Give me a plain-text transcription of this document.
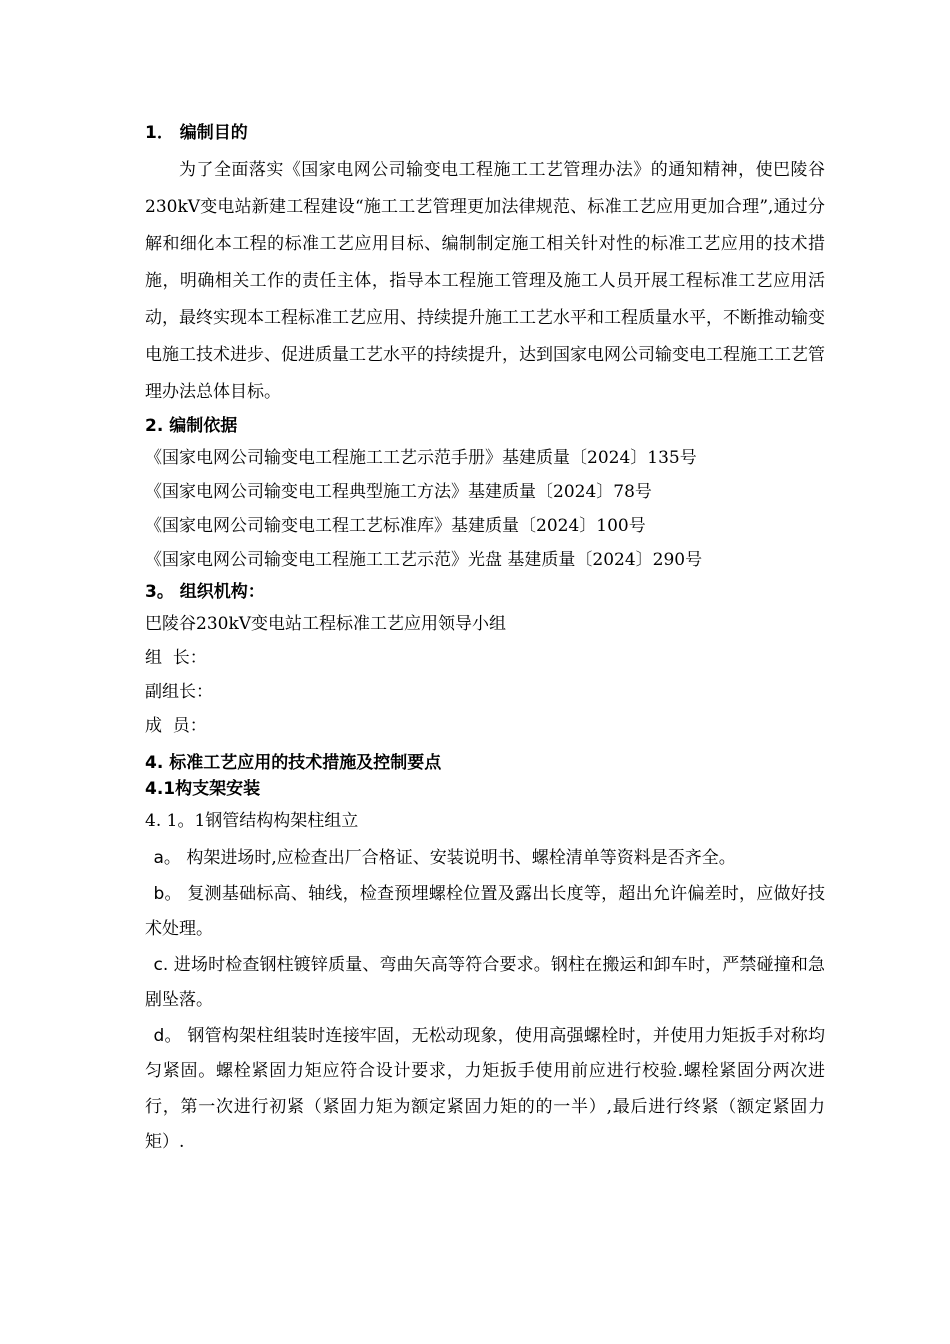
1． 编制目的

为了全面落实《国家电网公司输变电工程施工工艺管理办法》的通知精神，使巴陵谷230kV变电站新建工程建设“施工工艺管理更加法律规范、标准工艺应用更加合理”,通过分解和细化本工程的标准工艺应用目标、编制制定施工相关针对性的标准工艺应用的技术措施，明确相关工作的责任主体，指导本工程施工管理及施工人员开展工程标准工艺应用活动，最终实现本工程标准工艺应用、持续提升施工工艺水平和工程质量水平，不断推动输变电施工技术进步、促进质量工艺水平的持续提升，达到国家电网公司输变电工程施工工艺管理办法总体目标。

2. 编制依据

《国家电网公司输变电工程施工工艺示范手册》基建质量〔2024〕135号

《国家电网公司输变电工程典型施工方法》基建质量〔2024〕78号

《国家电网公司输变电工程工艺标准库》基建质量〔2024〕100号

《国家电网公司输变电工程施工工艺示范》光盘 基建质量〔2024〕290号

3。 组织机构：

巴陵谷230kV变电站工程标准工艺应用领导小组

组  长：

副组长：

成  员：

4. 标准工艺应用的技术措施及控制要点

4.1构支架安装

4. 1。1钢管结构构架柱组立

a。 构架进场时,应检查出厂合格证、安装说明书、螺栓清单等资料是否齐全。

b。 复测基础标高、轴线，检查预埋螺栓位置及露出长度等，超出允许偏差时，应做好技术处理。

c. 进场时检查钢柱镀锌质量、弯曲矢高等符合要求。钢柱在搬运和卸车时，严禁碰撞和急剧坠落。

d。 钢管构架柱组装时连接牢固，无松动现象，使用高强螺栓时，并使用力矩扳手对称均匀紧固。螺栓紧固力矩应符合设计要求，力矩扳手使用前应进行校验.螺栓紧固分两次进行，第一次进行初紧（紧固力矩为额定紧固力矩的的一半）,最后进行终紧（额定紧固力矩）.
